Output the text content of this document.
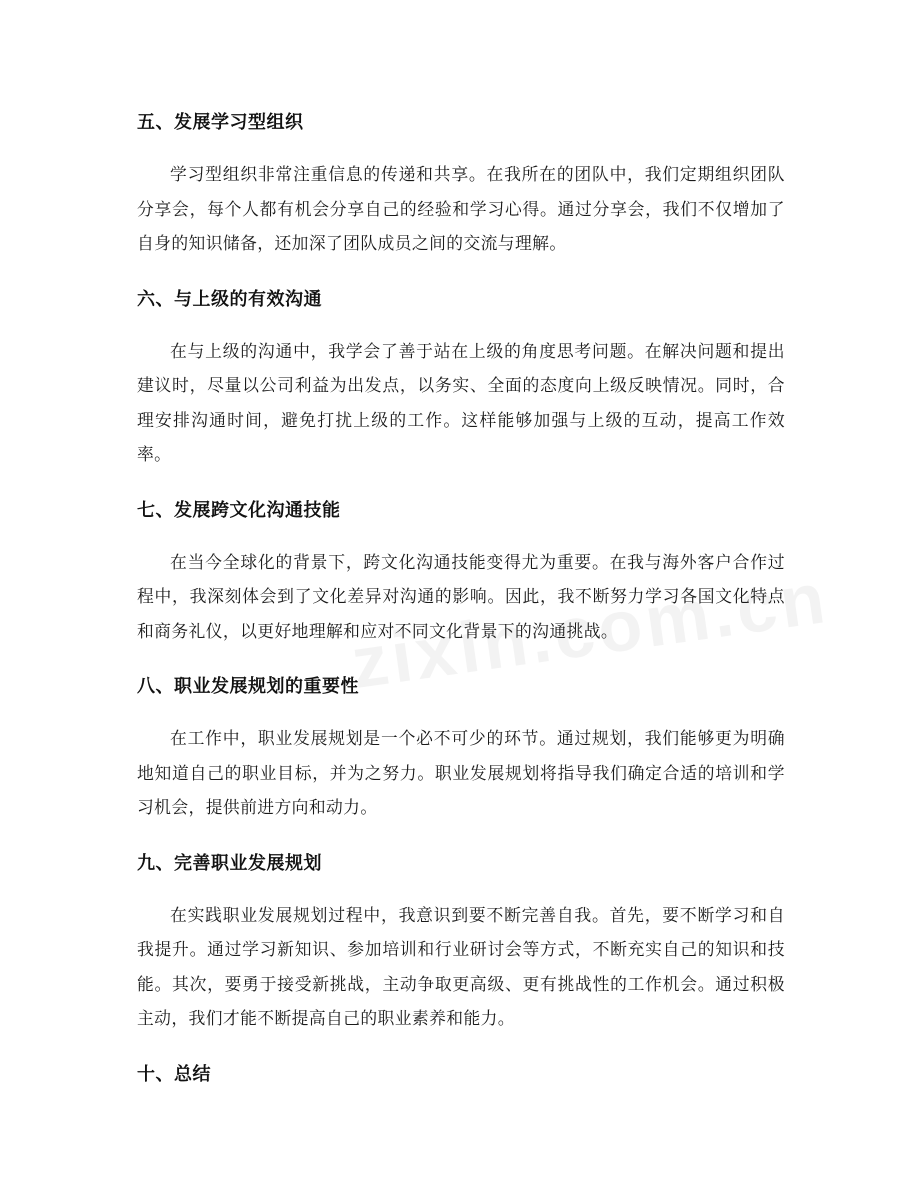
五、发展学习型组织

学习型组织非常注重信息的传递和共享。在我所在的团队中，我们定期组织团队分享会，每个人都有机会分享自己的经验和学习心得。通过分享会，我们不仅增加了自身的知识储备，还加深了团队成员之间的交流与理解。

六、与上级的有效沟通

在与上级的沟通中，我学会了善于站在上级的角度思考问题。在解决问题和提出建议时，尽量以公司利益为出发点，以务实、全面的态度向上级反映情况。同时，合理安排沟通时间，避免打扰上级的工作。这样能够加强与上级的互动，提高工作效率。

七、发展跨文化沟通技能

在当今全球化的背景下，跨文化沟通技能变得尤为重要。在我与海外客户合作过程中，我深刻体会到了文化差异对沟通的影响。因此，我不断努力学习各国文化特点和商务礼仪，以更好地理解和应对不同文化背景下的沟通挑战。

八、职业发展规划的重要性

在工作中，职业发展规划是一个必不可少的环节。通过规划，我们能够更为明确地知道自己的职业目标，并为之努力。职业发展规划将指导我们确定合适的培训和学习机会，提供前进方向和动力。

九、完善职业发展规划

在实践职业发展规划过程中，我意识到要不断完善自我。首先，要不断学习和自我提升。通过学习新知识、参加培训和行业研讨会等方式，不断充实自己的知识和技能。其次，要勇于接受新挑战，主动争取更高级、更有挑战性的工作机会。通过积极主动，我们才能不断提高自己的职业素养和能力。

十、总结
